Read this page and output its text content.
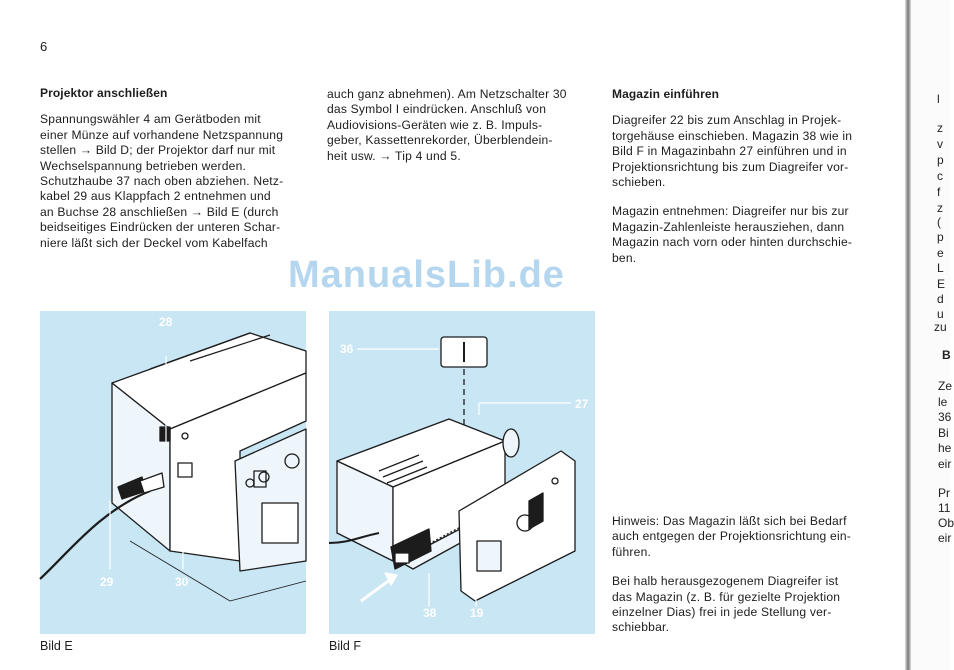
6
Projektor anschließen

Spannungswähler 4 am Gerätboden mit
einer Münze auf vorhandene Netzspannung
stellen → Bild D; der Projektor darf nur mit
Wechselspannung betrieben werden.
Schutzhaube 37 nach oben abziehen. Netz-
kabel 29 aus Klappfach 2 entnehmen und
an Buchse 28 anschließen → Bild E (durch
beidseitiges Eindrücken der unteren Schar-
niere läßt sich der Deckel vom Kabelfach

auch ganz abnehmen). Am Netzschalter 30
das Symbol I eindrücken. Anschluß von
Audiovisions-Geräten wie z. B. Impuls-
geber, Kassettenrekorder, Überblendein-
heit usw. → Tip 4 und 5.

Magazin einführen

Diagreifer 22 bis zum Anschlag in Projek-
torgehäuse einschieben. Magazin 38 wie in
Bild F in Magazinbahn 27 einführen und in
Projektionsrichtung bis zum Diagreifer vor-
schieben.

Magazin entnehmen: Diagreifer nur bis zur
Magazin-Zahlenleiste herausziehen, dann
Magazin nach vorn oder hinten durchschie-
ben.

Hinweis: Das Magazin läßt sich bei Bedarf
auch entgegen der Projektionsrichtung ein-
führen.

Bei halb herausgezogenem Diagreifer ist
das Magazin (z. B. für gezielte Projektion
einzelner Dias) frei in jede Stellung ver-
schiebbar.

28
29	30
Bild E
36
27
38	19
Bild F
ManualsLib.de
l
z
v
p
c
f
z
(
p
e
L
E
d
u
zu
B
Ze
le
36
Bi
he
eir
Pr
11
Ob
eir
